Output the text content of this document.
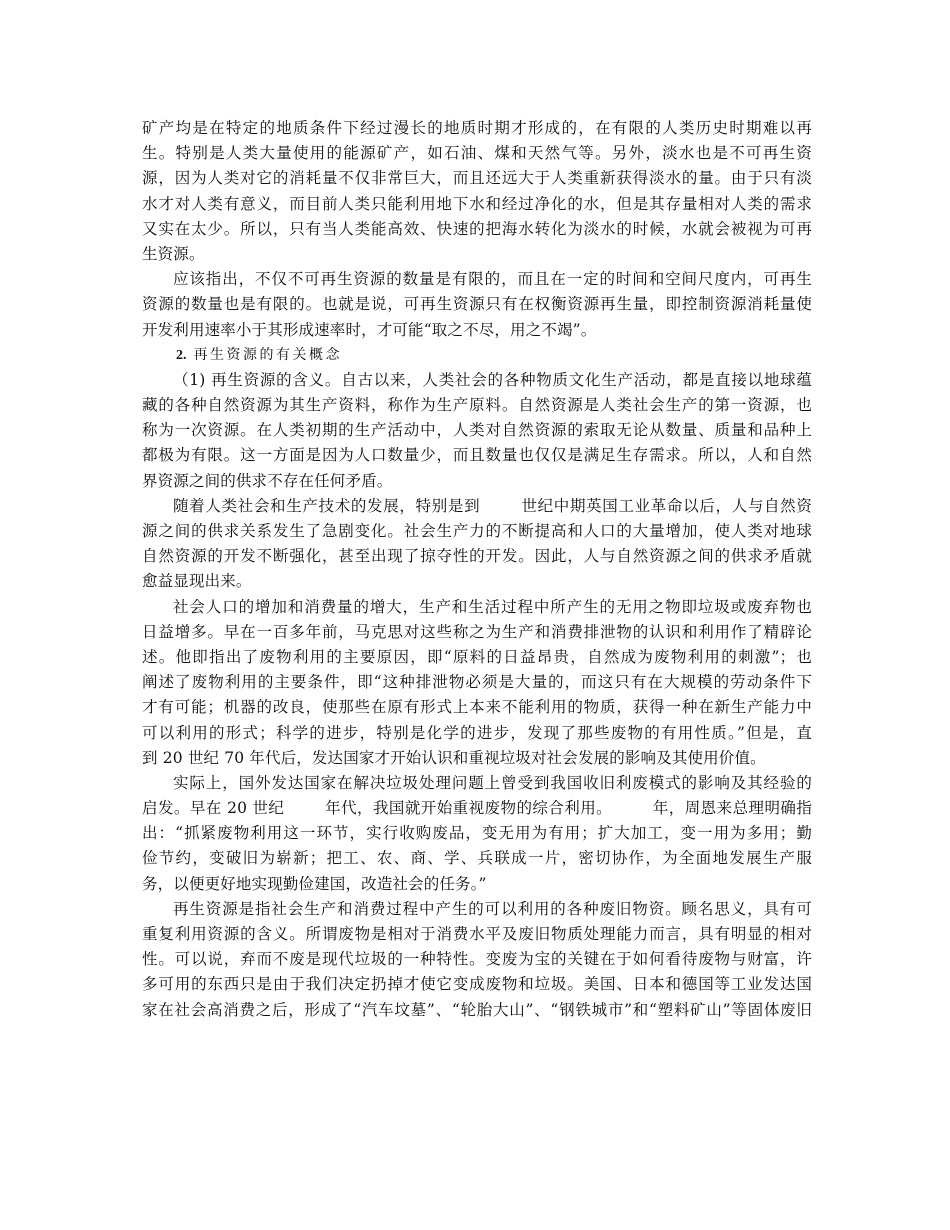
矿产均是在特定的地质条件下经过漫长的地质时期才形成的，在有限的人类历史时期难以再
生。特别是人类大量使用的能源矿产，如石油、煤和天然气等。另外，淡水也是不可再生资
源，因为人类对它的消耗量不仅非常巨大，而且还远大于人类重新获得淡水的量。由于只有淡
水才对人类有意义，而目前人类只能利用地下水和经过净化的水，但是其存量相对人类的需求
又实在太少。所以，只有当人类能高效、快速的把海水转化为淡水的时候，水就会被视为可再
生资源。
应该指出，不仅不可再生资源的数量是有限的，而且在一定的时间和空间尺度内，可再生
资源的数量也是有限的。也就是说，可再生资源只有在权衡资源再生量，即控制资源消耗量使
开发利用速率小于其形成速率时，才可能“取之不尽，用之不竭”。
2. 再生资源的有关概念
（1) 再生资源的含义。自古以来，人类社会的各种物质文化生产活动，都是直接以地球蕴
藏的各种自然资源为其生产资料，称作为生产原料。自然资源是人类社会生产的第一资源，也
称为一次资源。在人类初期的生产活动中，人类对自然资源的索取无论从数量、质量和品种上
都极为有限。这一方面是因为人口数量少，而且数量也仅仅是满足生存需求。所以，人和自然
界资源之间的供求不存在任何矛盾。
随着人类社会和生产技术的发展，特别是到  世纪中期英国工业革命以后，人与自然资
源之间的供求关系发生了急剧变化。社会生产力的不断提高和人口的大量增加，使人类对地球
自然资源的开发不断强化，甚至出现了掠夺性的开发。因此，人与自然资源之间的供求矛盾就
愈益显现出来。
社会人口的增加和消费量的增大，生产和生活过程中所产生的无用之物即垃圾或废弃物也
日益增多。早在一百多年前，马克思对这些称之为生产和消费排泄物的认识和利用作了精辟论
述。他即指出了废物利用的主要原因，即“原料的日益昂贵，自然成为废物利用的刺激”；也
阐述了废物利用的主要条件，即“这种排泄物必须是大量的，而这只有在大规模的劳动条件下
才有可能；机器的改良，使那些在原有形式上本来不能利用的物质，获得一种在新生产能力中
可以利用的形式；科学的进步，特别是化学的进步，发现了那些废物的有用性质。”但是，直
到 20 世纪 70 年代后，发达国家才开始认识和重视垃圾对社会发展的影响及其使用价值。
实际上，国外发达国家在解决垃圾处理问题上曾受到我国收旧利废模式的影响及其经验的
启发。早在 20 世纪  年代，我国就开始重视废物的综合利用。  年，周恩来总理明确指
出：“抓紧废物利用这一环节，实行收购废品，变无用为有用；扩大加工，变一用为多用；勤
俭节约，变破旧为崭新；把工、农、商、学、兵联成一片，密切协作，为全面地发展生产服
务，以便更好地实现勤俭建国，改造社会的任务。”
再生资源是指社会生产和消费过程中产生的可以利用的各种废旧物资。顾名思义，具有可
重复利用资源的含义。所谓废物是相对于消费水平及废旧物质处理能力而言，具有明显的相对
性。可以说，弃而不废是现代垃圾的一种特性。变废为宝的关键在于如何看待废物与财富，许
多可用的东西只是由于我们决定扔掉才使它变成废物和垃圾。美国、日本和德国等工业发达国
家在社会高消费之后，形成了“汽车坟墓”、“轮胎大山”、“钢铁城市”和“塑料矿山”等固体废旧
